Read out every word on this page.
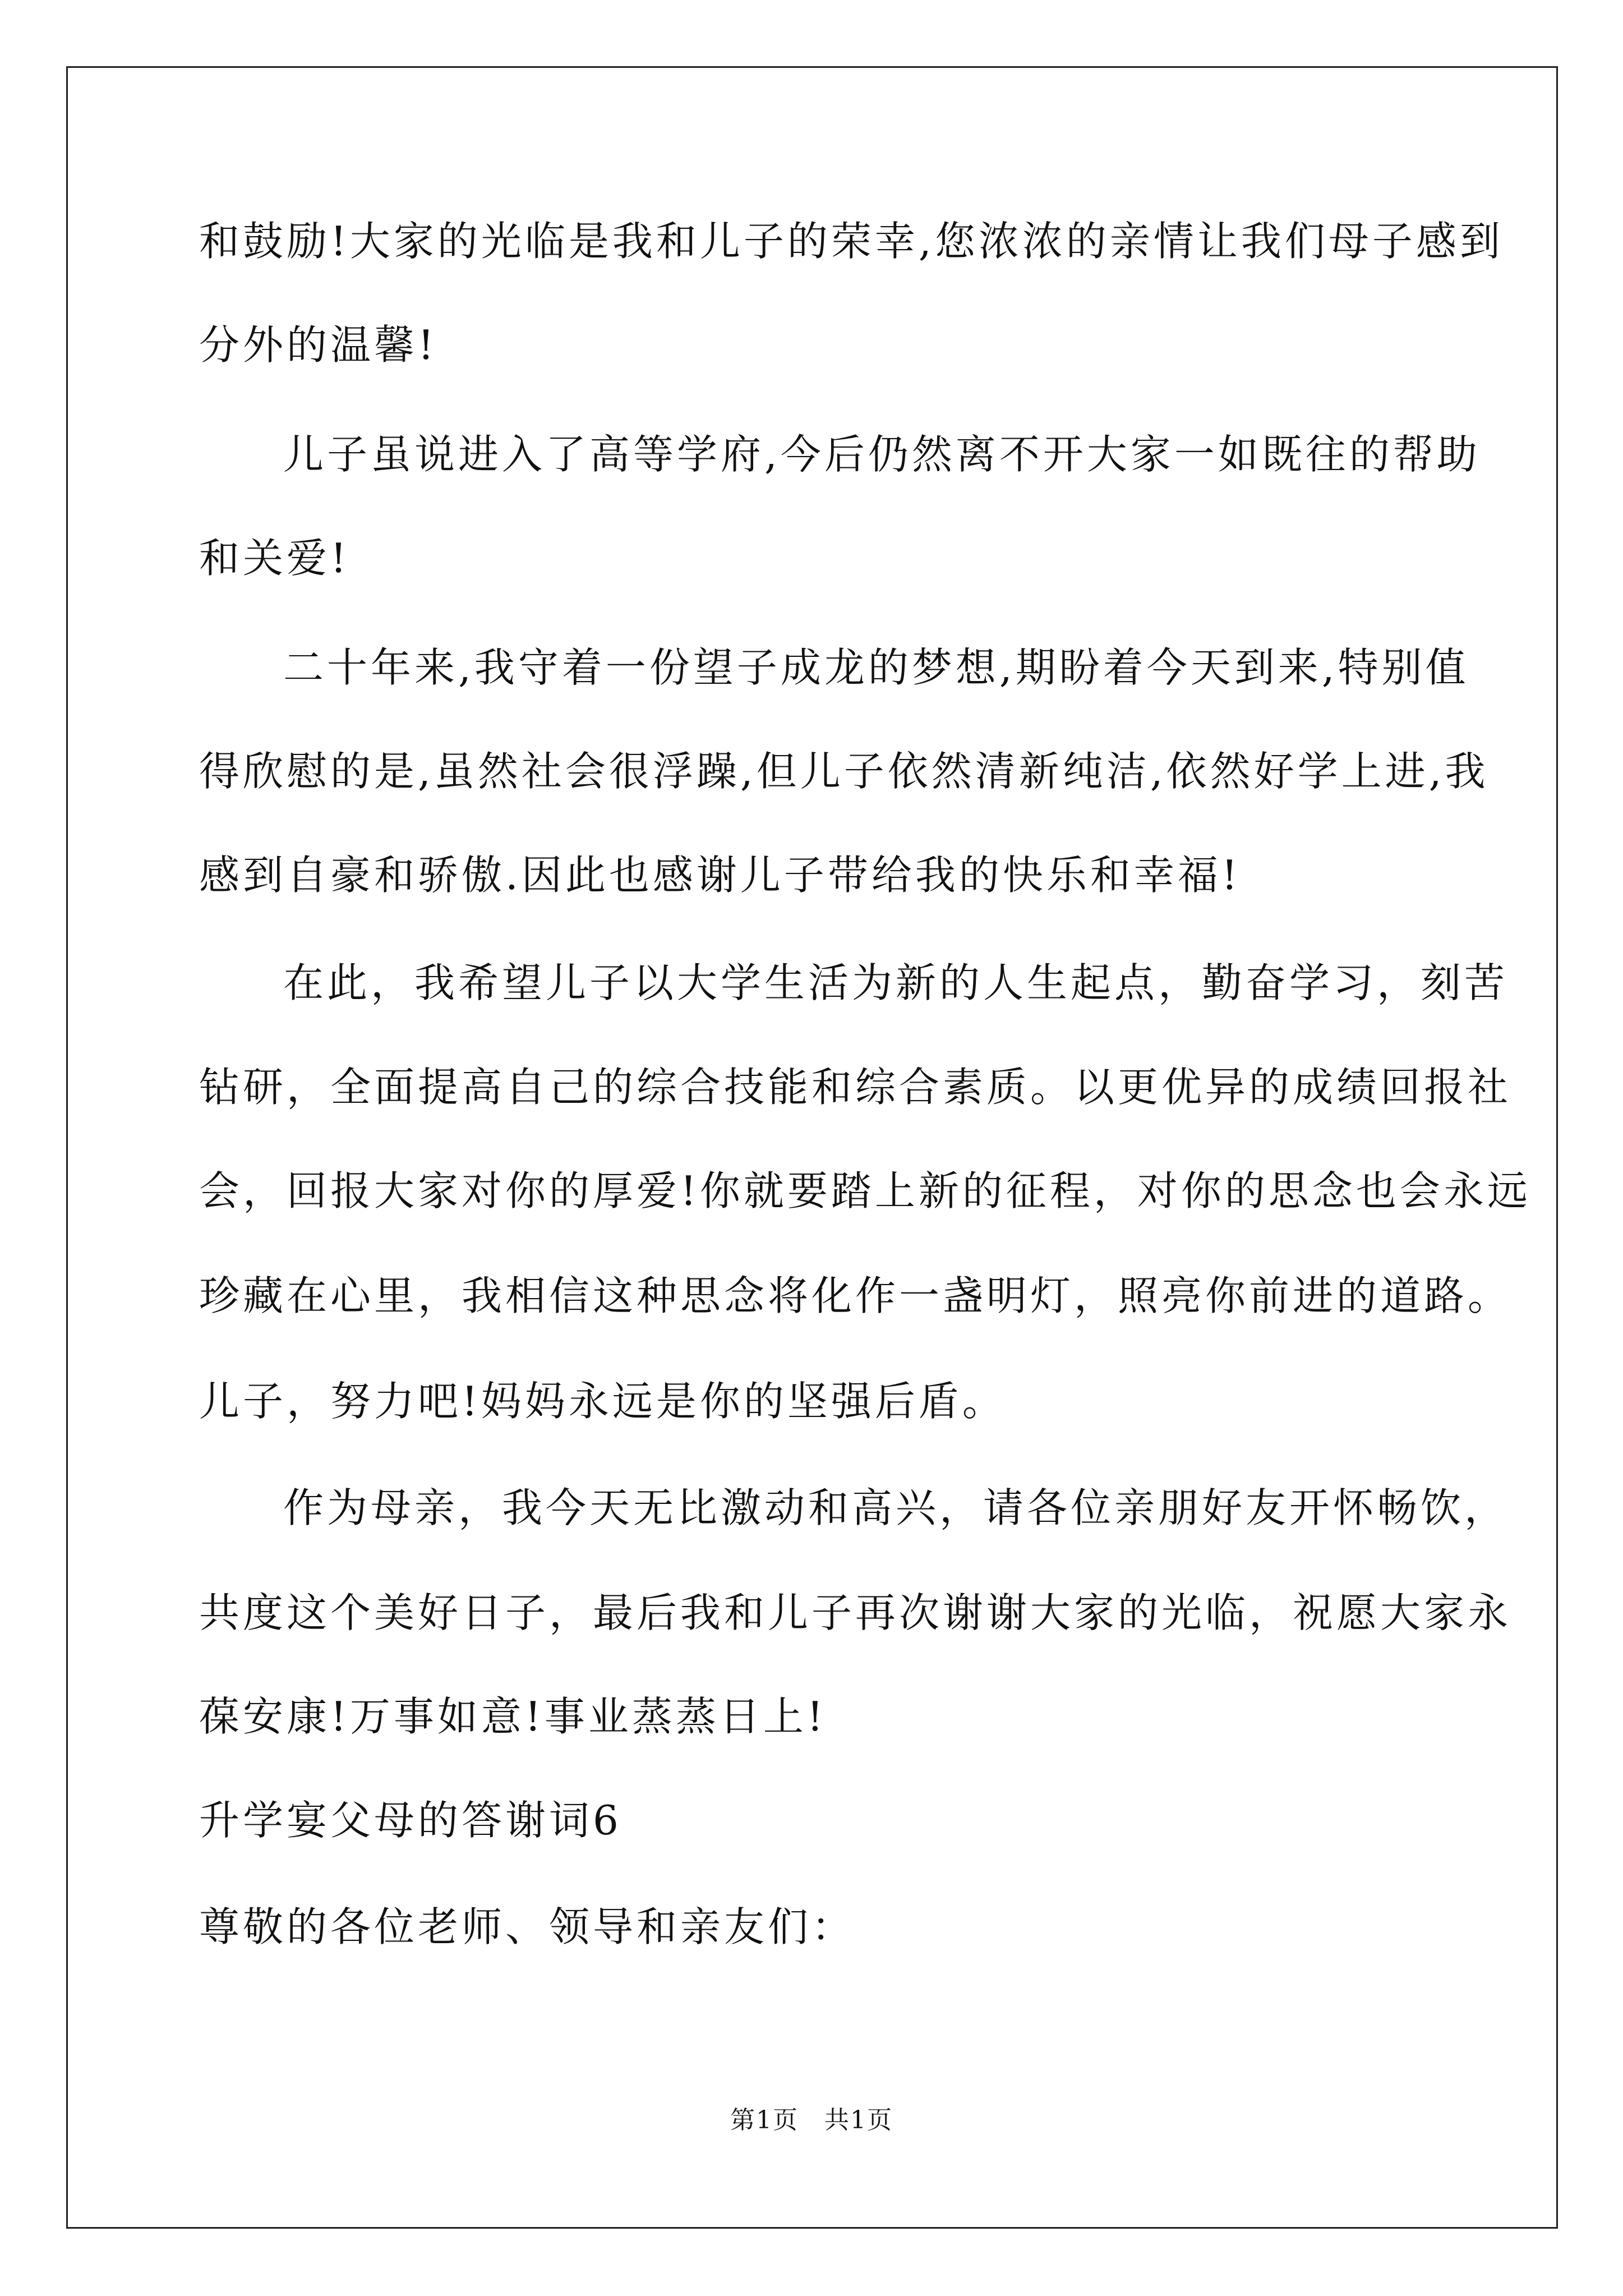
和鼓励!大家的光临是我和儿子的荣幸,您浓浓的亲情让我们母子感到
分外的温馨!
儿子虽说进入了高等学府,今后仍然离不开大家一如既往的帮助
和关爱!
二十年来,我守着一份望子成龙的梦想,期盼着今天到来,特别值
得欣慰的是,虽然社会很浮躁,但儿子依然清新纯洁,依然好学上进,我
感到自豪和骄傲.因此也感谢儿子带给我的快乐和幸福!
在此，我希望儿子以大学生活为新的人生起点，勤奋学习，刻苦
钻研，全面提高自己的综合技能和综合素质。以更优异的成绩回报社
会，回报大家对你的厚爱!你就要踏上新的征程，对你的思念也会永远
珍藏在心里，我相信这种思念将化作一盏明灯，照亮你前进的道路。
儿子，努力吧!妈妈永远是你的坚强后盾。
作为母亲，我今天无比激动和高兴，请各位亲朋好友开怀畅饮，
共度这个美好日子，最后我和儿子再次谢谢大家的光临，祝愿大家永
葆安康!万事如意!事业蒸蒸日上!
升学宴父母的答谢词6
尊敬的各位老师、领导和亲友们：
第1页　共1页
